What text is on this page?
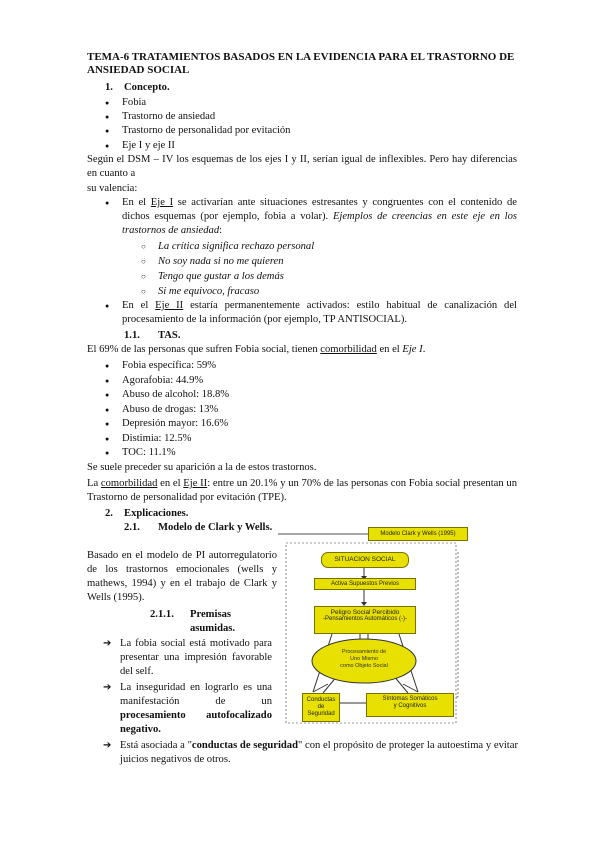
TEMA-6 TRATAMIENTOS BASADOS EN LA EVIDENCIA PARA EL TRASTORNO DE ANSIEDAD SOCIAL
1. Concepto.
● Fobia
● Trastorno de ansiedad
● Trastorno de personalidad por evitación
● Eje I y eje II
Según el DSM – IV los esquemas de los ejes I y II, serían igual de inflexibles. Pero hay diferencias en cuanto a
su valencia:
● En el Eje I se activarían ante situaciones estresantes y congruentes con el contenido de dichos esquemas (por ejemplo, fobia a volar). Ejemplos de creencias en este eje en los trastornos de ansiedad:
○ La crítica significa rechazo personal
○ No soy nada si no me quieren
○ Tengo que gustar a los demás
○ Si me equivoco, fracaso
● En el Eje II estaría permanentemente activados: estilo habitual de canalización del procesamiento de la información (por ejemplo, TP ANTISOCIAL).
1.1. TAS.
El 69% de las personas que sufren Fobia social, tienen comorbilidad en el Eje I.
● Fobia específica: 59%
● Agorafobia: 44.9%
● Abuso de alcohol: 18.8%
● Abuso de drogas: 13%
● Depresión mayor: 16.6%
● Distimia: 12.5%
● TOC: 11.1%
Se suele preceder su aparición a la de estos trastornos.
La comorbilidad en el Eje II: entre un 20.1% y un 70% de las personas con Fobia social presentan un Trastorno de personalidad por evitación (TPE).
2. Explicaciones.
2.1. Modelo de Clark y Wells.
Basado en el modelo de PI autorregulatorio de los trastornos emocionales (wells y mathews, 1994) y en el trabajo de Clark y Wells (1995).
2.1.1. Premisas asumidas.
➔ La fobia social está motivado para presentar una impresión favorable del self.
➔ La inseguridad en lograrlo es una manifestación de un procesamiento autofocalizado negativo.
➔ Está asociada a "conductas de seguridad" con el propósito de proteger la autoestima y evitar juicios negativos de otros.
Modelo Clark y Wells (1995)
SITUACION SOCIAL
Activa Supuestos Previos
Peligro Social Percibido
-Pensamientos Automáticos (-)-
Procesamiento de
Uno Mismo
como Objeto Social
Conductas de
Seguridad
Síntomas Somáticos
y Cognitivos
